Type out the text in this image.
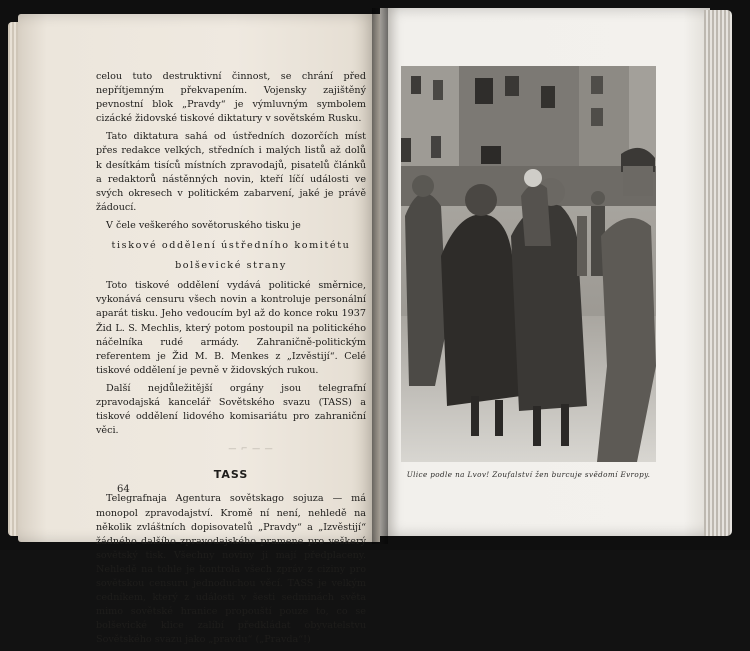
celou tuto destruktivní činnost, se chrání před nepřítjemným překvapením. Vojensky zajištěný pevnostní blok „Pravdy“ je výmluvným symbolem cizácké židovské tiskové diktatury v sovětském Rusku.

Tato diktatura sahá od ústředních dozorčích míst přes redakce velkých, středních i malých listů až dolů k desítkám tisíců místních zpravodajů, pisatelů článků a redaktorů nástěnných novin, kteří líčí události ve svých okresech v politickém zabarvení, jaké je právě žádoucí.

V čele veškerého sovětoruského tisku je

tiskové oddělení ústředního komitétu
bolševické strany

Toto tiskové oddělení vydává politické směrnice, vykonává censuru všech novin a kontroluje personální aparát tisku. Jeho vedoucím byl až do konce roku 1937 Žid L. S. Mechlis, který potom postoupil na politického náčelníka rudé armády. Zahraničně-politickým referentem je Žid M. B. Menkes z „Izvěstijí“. Celé tiskové oddělení je pevně v židovských rukou.

Další nejdůležitější orgány jsou telegrafní zpravodajská kancelář Sovětského svazu (TASS) a tiskové oddělení lidového komisariátu pro zahraniční věci.

— ⌐ — —
TASS

Telegrafnaja Agentura sovětskago sojuza — má monopol zpravodajství. Kromě ní není, nehledě na několik zvláštních dopisovatelů „Pravdy“ a „Izvěstijí“ žádného dalšího zpravodajského pramene pro veškerý sovětský tisk. Všechny noviny ji mají předplaceny. Nehledě na tohle je kontrola všech zpráv z ciziny pro sovětskou censuru jednoduchou věcí. TASS je velkým cedníkem, který z události v šesti sedminách světa mimo sovětské hranice propouští pouze to, co se bolševické klice zalíbí předkládat obyvatelstvu Sovětského svazu jako „pravdu“ („Pravda“!)

64
Ulice podle na Lvov! Zoufalství žen burcuje svědomí Evropy.
